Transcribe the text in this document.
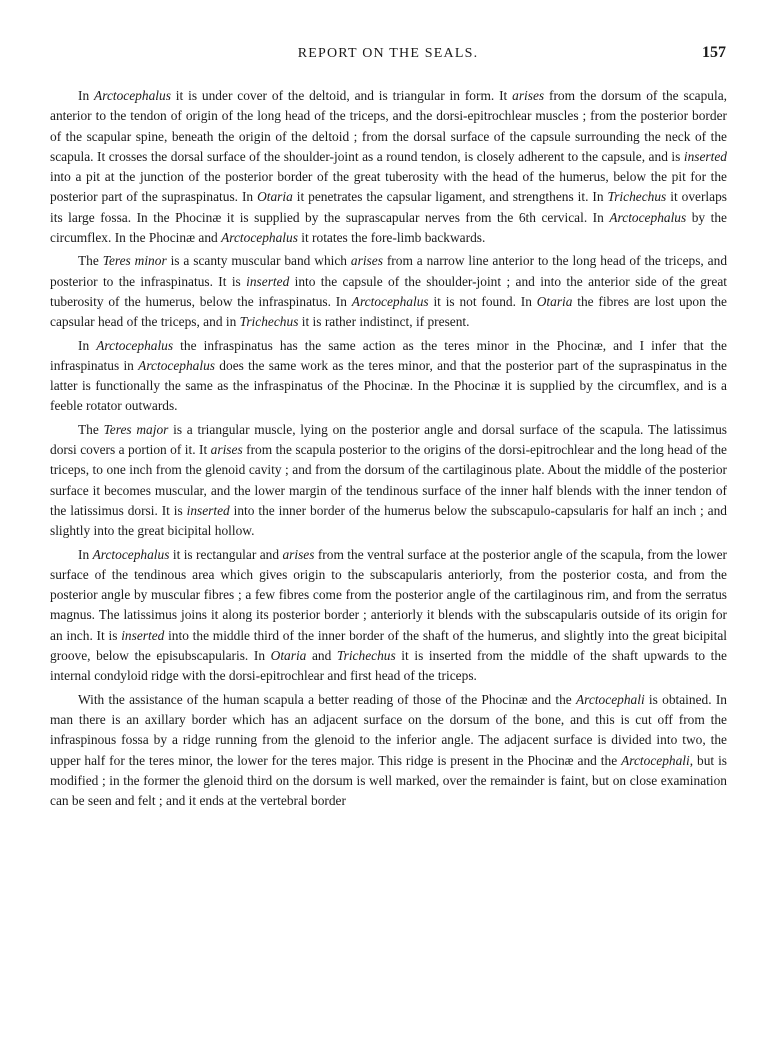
REPORT ON THE SEALS.	157

In Arctocephalus it is under cover of the deltoid, and is triangular in form. It arises from the dorsum of the scapula, anterior to the tendon of origin of the long head of the triceps, and the dorsi-epitrochlear muscles ; from the posterior border of the scapular spine, beneath the origin of the deltoid ; from the dorsal surface of the capsule surrounding the neck of the scapula. It crosses the dorsal surface of the shoulder-joint as a round tendon, is closely adherent to the capsule, and is inserted into a pit at the junction of the posterior border of the great tuberosity with the head of the humerus, below the pit for the posterior part of the supraspinatus. In Otaria it penetrates the capsular ligament, and strengthens it. In Trichechus it overlaps its large fossa. In the Phocinæ it is supplied by the suprascapular nerves from the 6th cervical. In Arctocephalus by the circumflex. In the Phocinæ and Arctocephalus it rotates the fore-limb backwards.

The Teres minor is a scanty muscular band which arises from a narrow line anterior to the long head of the triceps, and posterior to the infraspinatus. It is inserted into the capsule of the shoulder-joint ; and into the anterior side of the great tuberosity of the humerus, below the infraspinatus. In Arctocephalus it is not found. In Otaria the fibres are lost upon the capsular head of the triceps, and in Trichechus it is rather indistinct, if present.

In Arctocephalus the infraspinatus has the same action as the teres minor in the Phocinæ, and I infer that the infraspinatus in Arctocephalus does the same work as the teres minor, and that the posterior part of the supraspinatus in the latter is functionally the same as the infraspinatus of the Phocinæ. In the Phocinæ it is supplied by the circumflex, and is a feeble rotator outwards.

The Teres major is a triangular muscle, lying on the posterior angle and dorsal surface of the scapula. The latissimus dorsi covers a portion of it. It arises from the scapula posterior to the origins of the dorsi-epitrochlear and the long head of the triceps, to one inch from the glenoid cavity ; and from the dorsum of the cartilaginous plate. About the middle of the posterior surface it becomes muscular, and the lower margin of the tendinous surface of the inner half blends with the inner tendon of the latissimus dorsi. It is inserted into the inner border of the humerus below the subscapulo-capsularis for half an inch ; and slightly into the great bicipital hollow.

In Arctocephalus it is rectangular and arises from the ventral surface at the posterior angle of the scapula, from the lower surface of the tendinous area which gives origin to the subscapularis anteriorly, from the posterior costa, and from the posterior angle by muscular fibres ; a few fibres come from the posterior angle of the cartilaginous rim, and from the serratus magnus. The latissimus joins it along its posterior border ; anteriorly it blends with the subscapularis outside of its origin for an inch. It is inserted into the middle third of the inner border of the shaft of the humerus, and slightly into the great bicipital groove, below the episubscapularis. In Otaria and Trichechus it is inserted from the middle of the shaft upwards to the internal condyloid ridge with the dorsi-epitrochlear and first head of the triceps.

With the assistance of the human scapula a better reading of those of the Phocinæ and the Arctocephali is obtained. In man there is an axillary border which has an adjacent surface on the dorsum of the bone, and this is cut off from the infraspinous fossa by a ridge running from the glenoid to the inferior angle. The adjacent surface is divided into two, the upper half for the teres minor, the lower for the teres major. This ridge is present in the Phocinæ and the Arctocephali, but is modified ; in the former the glenoid third on the dorsum is well marked, over the remainder is faint, but on close examination can be seen and felt ; and it ends at the vertebral border
